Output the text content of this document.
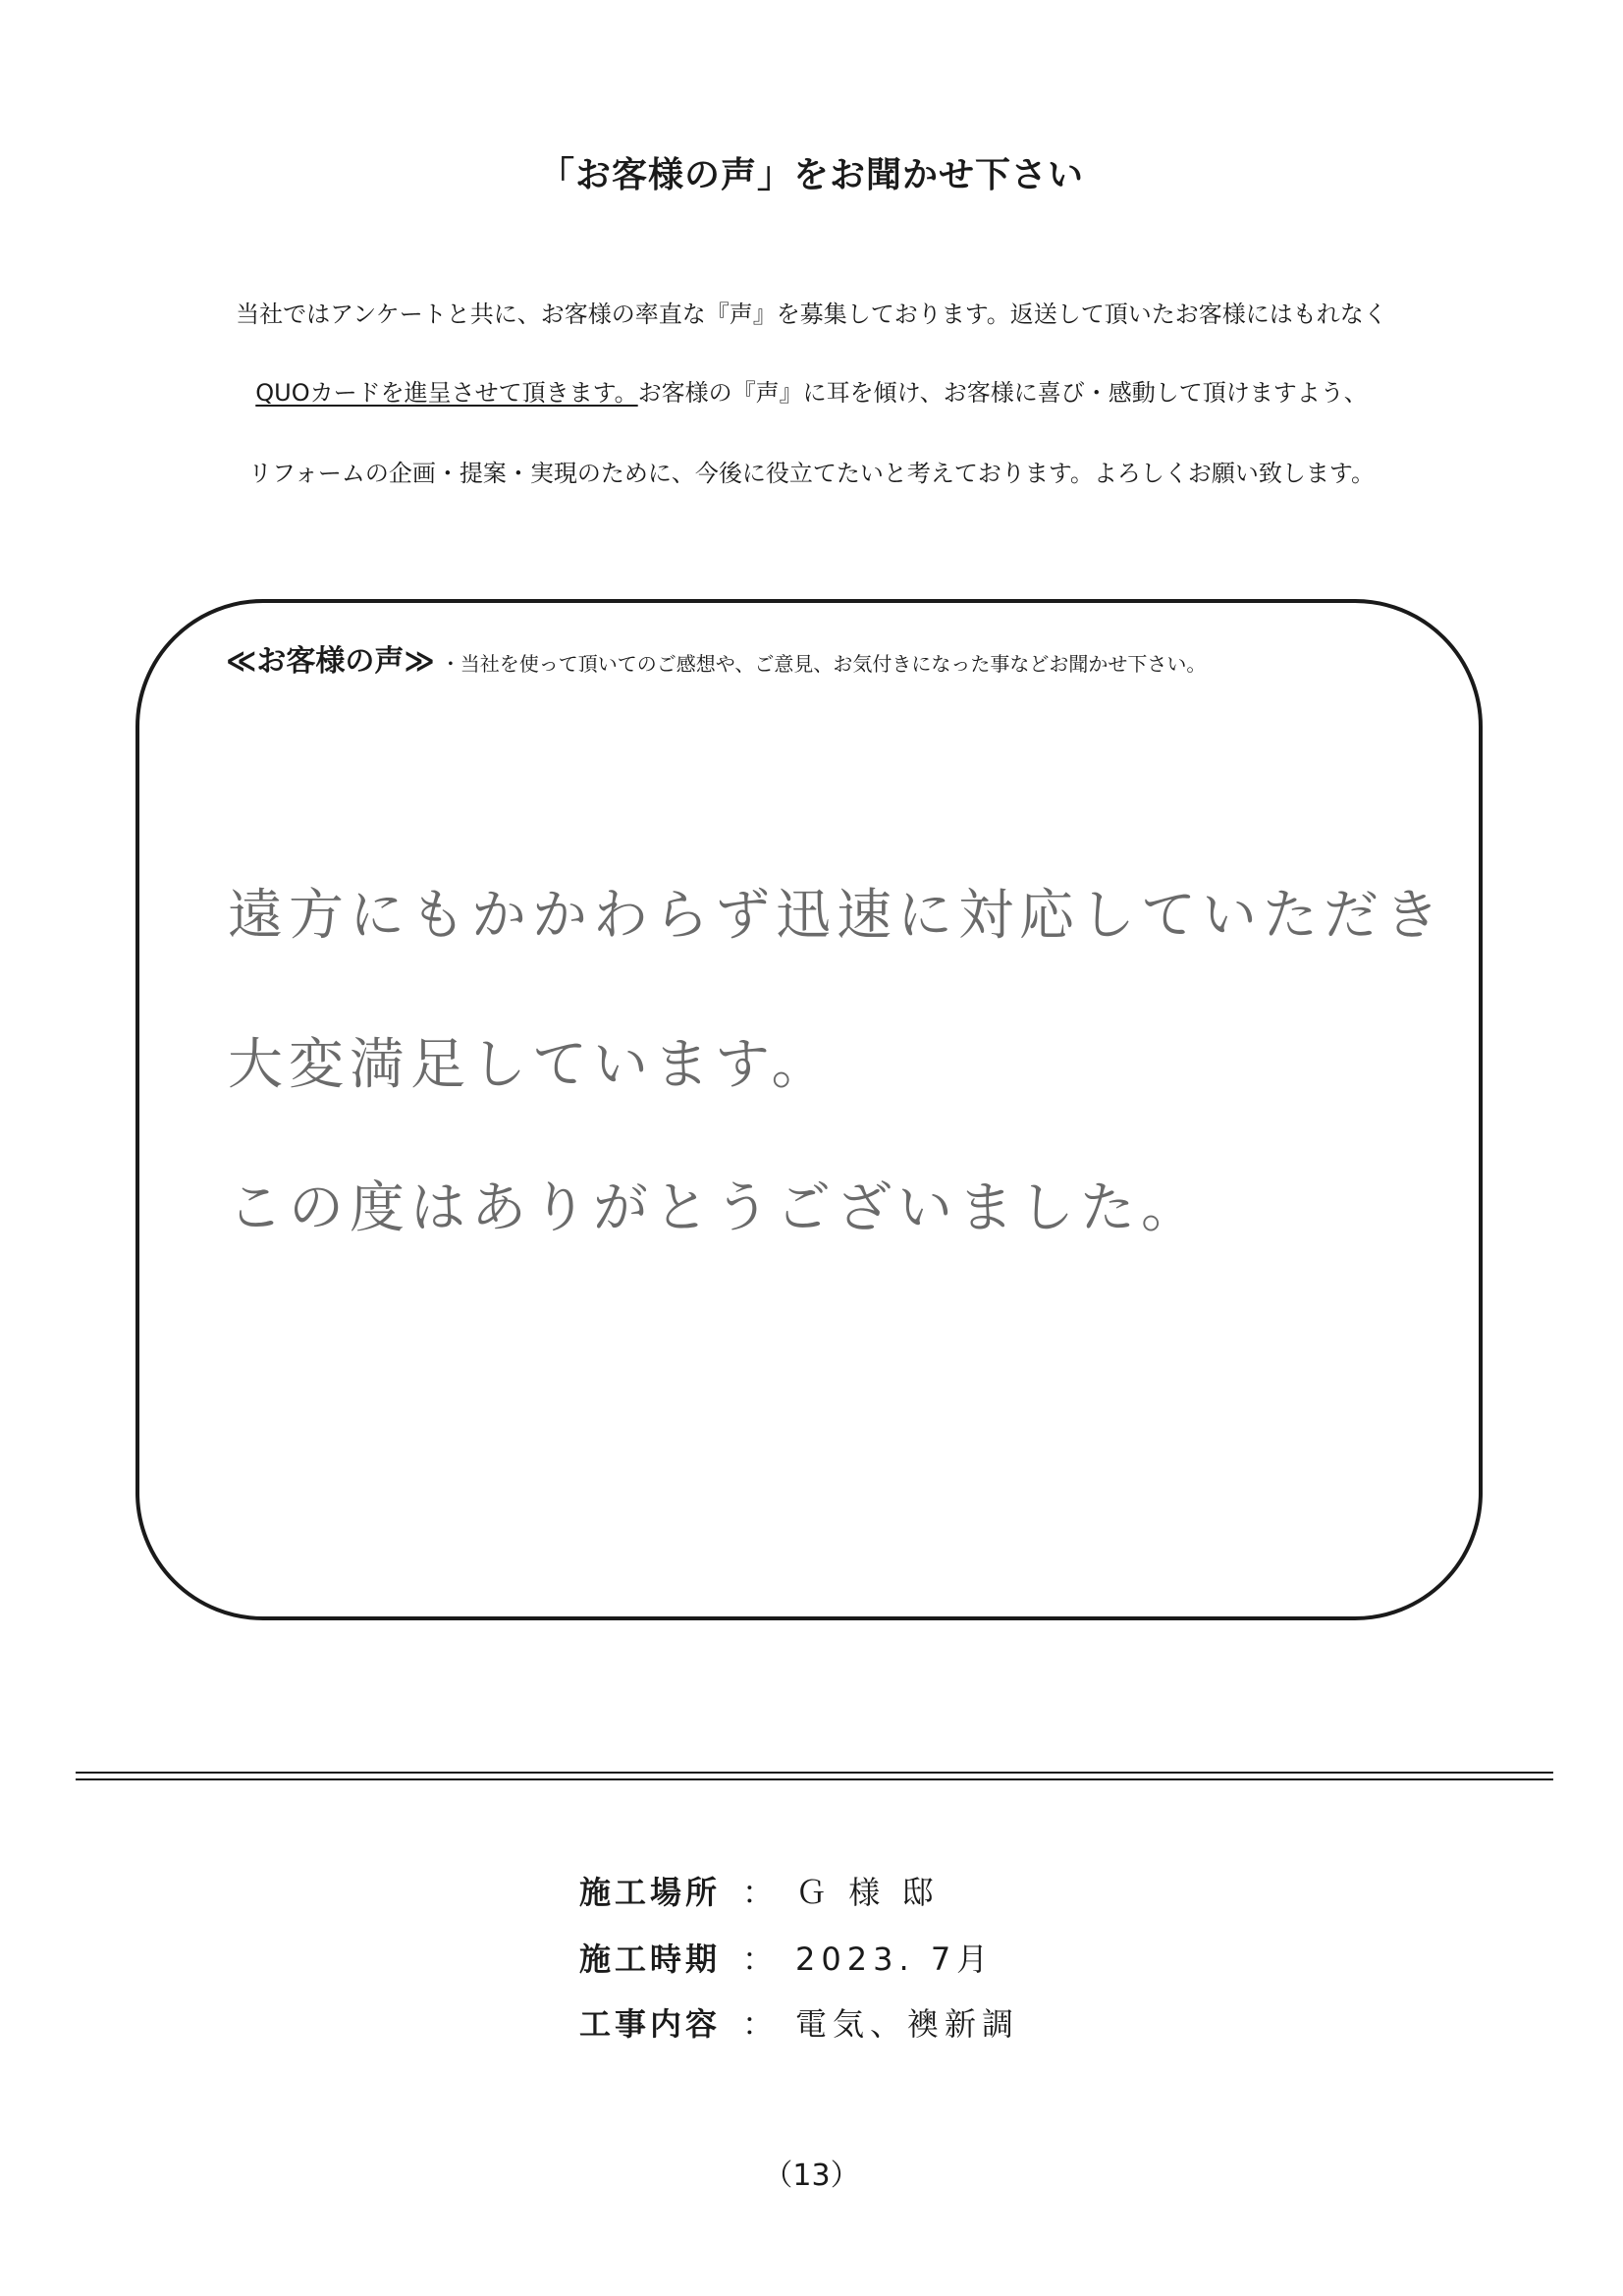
「お客様の声」をお聞かせ下さい
当社ではアンケートと共に、お客様の率直な『声』を募集しております。返送して頂いたお客様にはもれなく
QUOカードを進呈させて頂きます。お客様の『声』に耳を傾け、お客様に喜び・感動して頂けますよう、
リフォームの企画・提案・実現のために、今後に役立てたいと考えております。よろしくお願い致します。
≪お客様の声≫ ・当社を使って頂いてのご感想や、ご意見、お気付きになった事などお聞かせ下さい。
遠方にもかかわらず迅速に対応していただき
大変満足しています。
この度はありがとうございました。
施工場所 ： Ｇ 様 邸
施工時期 ： 2023. 7月
工事内容 ： 電気、襖新調
（13）
